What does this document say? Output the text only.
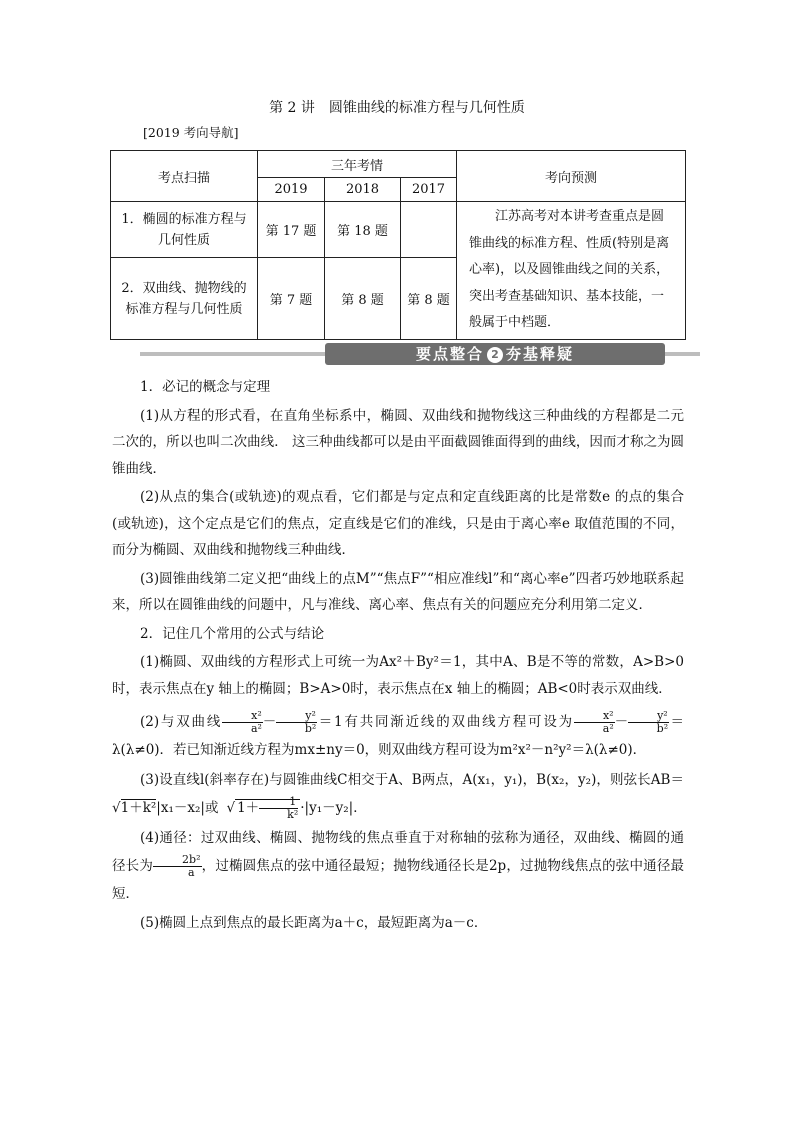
第 2 讲　圆锥曲线的标准方程与几何性质
[2019 考向导航]
考点扫描	三年考情			考向预测
	2019	2018	2017	
1．椭圆的标准方程与几何性质	第 17 题	第 18 题		江苏高考对本讲考查重点是圆锥曲线的标准方程、性质(特别是离心率)，以及圆锥曲线之间的关系，突出考查基础知识、基本技能，一般属于中档题．

2．双曲线、抛物线的标准方程与几何性质	第 7 题	第 8 题	第 8 题	
要点整合 2 夯基释疑

1．必记的概念与定理

(1)从方程的形式看，在直角坐标系中，椭圆、双曲线和抛物线这三种曲线的方程都是二元二次的，所以也叫二次曲线． 这三种曲线都可以是由平面截圆锥面得到的曲线，因而才称之为圆锥曲线．

(2)从点的集合(或轨迹)的观点看，它们都是与定点和定直线距离的比是常数e 的点的集合(或轨迹)，这个定点是它们的焦点，定直线是它们的准线，只是由于离心率e 取值范围的不同，而分为椭圆、双曲线和抛物线三种曲线．

(3)圆锥曲线第二定义把“曲线上的点M”“焦点F”“相应准线l”和“离心率e”四者巧妙地联系起来，所以在圆锥曲线的问题中，凡与准线、离心率、焦点有关的问题应充分利用第二定义．

2．记住几个常用的公式与结论

(1)椭圆、双曲线的方程形式上可统一为Ax²＋By²＝1，其中A、B是不等的常数，A>B>0时，表示焦点在y 轴上的椭圆；B>A>0时，表示焦点在x 轴上的椭圆；AB<0时表示双曲线．

(2)与双曲线 $\frac{\text{x²}}{\text{a²}} - \frac{\text{y²}}{\text{b²}} =1$有共同渐近线的双曲线方程可设为 $\frac{\text{x²}}{\text{a²}} - \frac{\text{y²}}{\text{b²}} =\lambda(\lambda\ne 0)$．若已知渐近线方程为mx±ny＝0，则双曲线方程可设为m²x²－n²y²＝λ(λ≠0)．

(3)设直线l(斜率存在)与圆锥曲线C相交于A、B两点，A(x₁，y₁)，B(x₂，y₂)，则弦长AB＝√1＋k²|x₁－x₂|或 √ $1+ \frac{1}{\text{k²}} \cdot|y_1-y_2|$．

(4)通径：过双曲线、椭圆、抛物线的焦点垂直于对称轴的弦称为通径，双曲线、椭圆的通径长为 $\frac{\text{2b²}}{a}$ ，过椭圆焦点的弦中通径最短；抛物线通径长是2p，过抛物线焦点的弦中通径最短．

(5)椭圆上点到焦点的最长距离为a＋c，最短距离为a－c．
